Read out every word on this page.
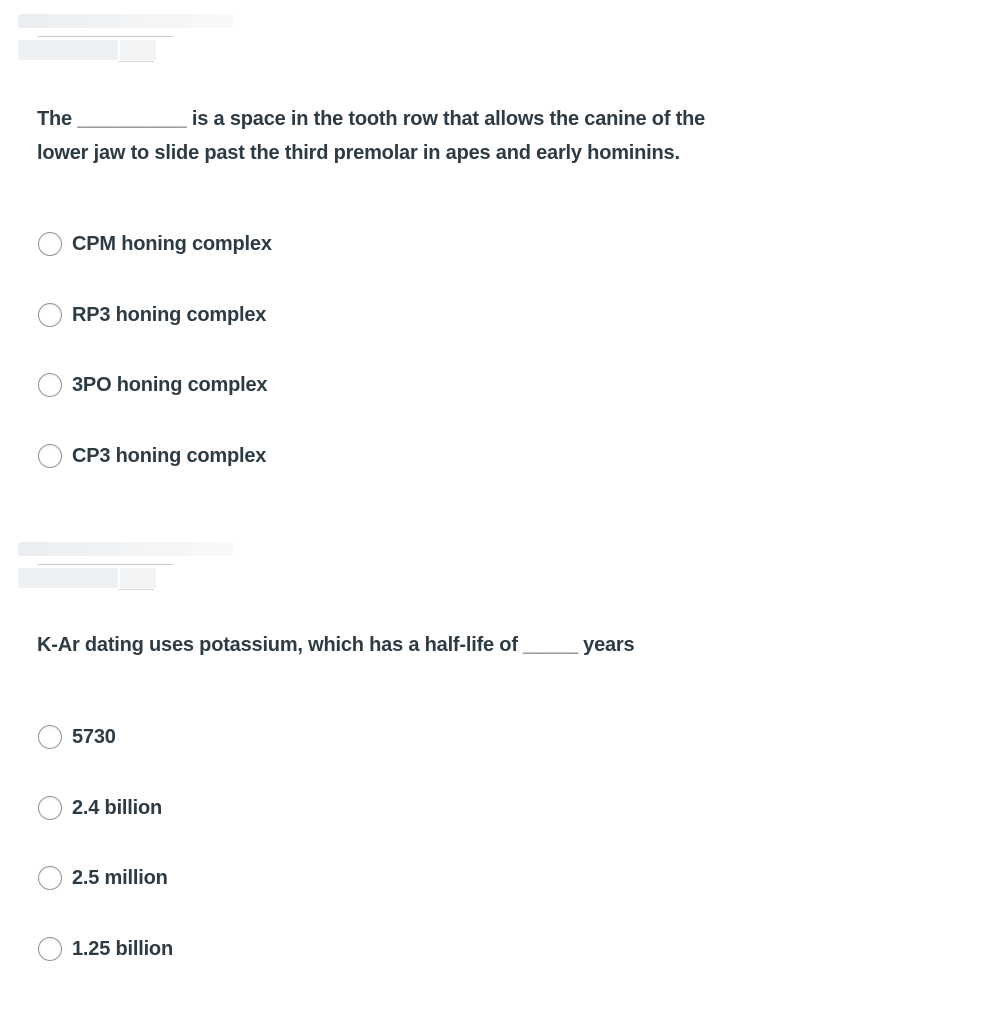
The __________ is a space in the tooth row that allows the canine of the
lower jaw to slide past the third premolar in apes and early hominins.
CPM honing complex
RP3 honing complex
3PO honing complex
CP3 honing complex
K-Ar dating uses potassium, which has a half-life of _____ years
5730
2.4 billion
2.5 million
1.25 billion
